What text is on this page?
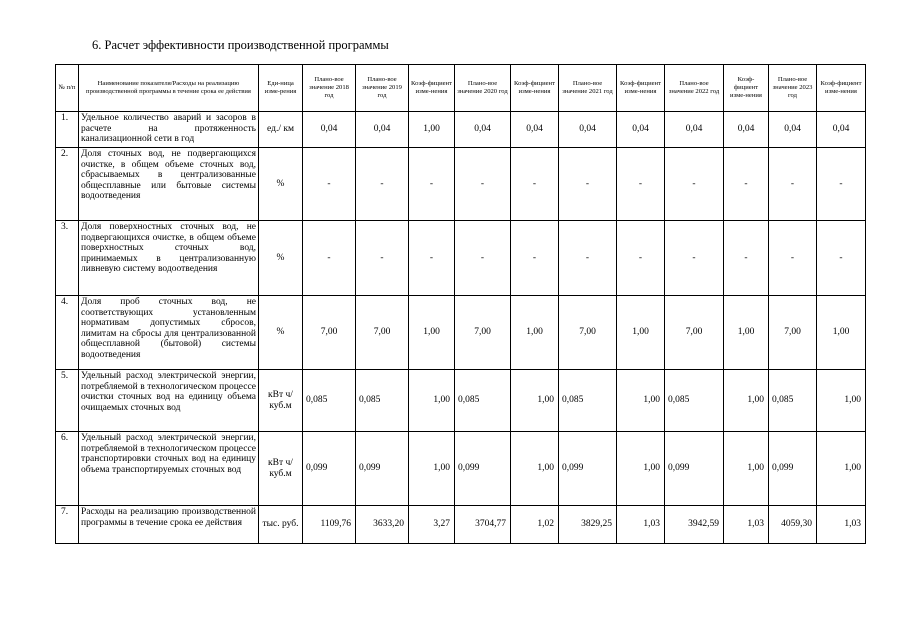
6. Расчет эффективности производственной программы
№ п/п	Наименование показателя/Расходы на реализацию производственной программы в течение срока ее действия	Еди-ница изме-рения	Плано-вое значение 2018 год	Плано-вое значение 2019 год	Коэф-фициент изме-нения	Плано-вое значение 2020 год	Коэф-фициент изме-нения	Плано-вое значение 2021 год	Коэф-фициент изме-нения	Плано-вое значение 2022 год	Коэф-фициент изме-нения	Плано-вое значение 2023 год	Коэф-фициент изме-нения
1.	Удельное количество аварий и засоров в расчете на протяженность канализационной сети в год	ед./ км	0,04	0,04	1,00	0,04	0,04	0,04	0,04	0,04	0,04	0,04	0,04
2.	Доля сточных вод, не подвергающихся очистке, в общем объеме сточных вод, сбрасываемых в централизованные общесплавные или бытовые системы водоотведения	%	-	-	-	-	-	-	-	-	-	-	-
3.	Доля поверхностных сточных вод, не подвергающихся очистке, в общем объеме поверхностных сточных вод, принимаемых в централизованную ливневую систему водоотведения	%	-	-	-	-	-	-	-	-	-	-	-
4.	Доля проб сточных вод, не соответствующих установленным нормативам допустимых сбросов, лимитам на сбросы для централизованной общесплавной (бытовой) системы водоотведения	%	7,00	7,00	1,00	7,00	1,00	7,00	1,00	7,00	1,00	7,00	1,00
5.	Удельный расход электрической энергии, потребляемой в технологическом процессе очистки сточных вод на единицу объема очищаемых сточных вод	кВт ч/куб.м	0,085	0,085	1,00	0,085	1,00	0,085	1,00	0,085	1,00	0,085	1,00
6.	Удельный расход электрической энергии, потребляемой в технологическом процессе транспортировки сточных вод на единицу объема транспортируемых сточных вод	кВт ч/куб.м	0,099	0,099	1,00	0,099	1,00	0,099	1,00	0,099	1,00	0,099	1,00
7.	Расходы на реализацию производственной программы в течение срока ее действия	тыс. руб.	1109,76	3633,20	3,27	3704,77	1,02	3829,25	1,03	3942,59	1,03	4059,30	1,03
